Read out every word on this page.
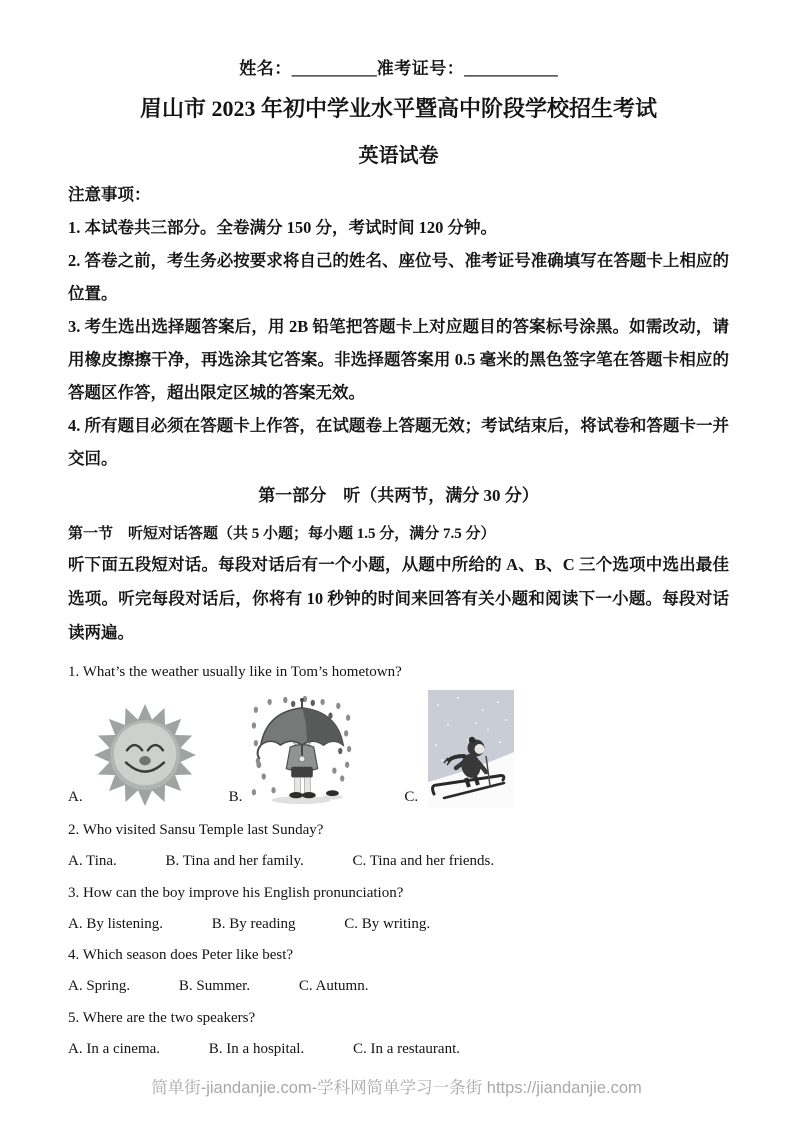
姓名：__________准考证号：___________
眉山市 2023 年初中学业水平暨高中阶段学校招生考试
英语试卷
注意事项：
1. 本试卷共三部分。全卷满分 150 分，考试时间 120 分钟。
2. 答卷之前，考生务必按要求将自己的姓名、座位号、准考证号准确填写在答题卡上相应的位置。
3. 考生选出选择题答案后，用 2B 铅笔把答题卡上对应题目的答案标号涂黑。如需改动，请用橡皮擦擦干净，再选涂其它答案。非选择题答案用 0.5 毫米的黑色签字笔在答题卡相应的答题区作答，超出限定区城的答案无效。
4. 所有题目必须在答题卡上作答，在试题卷上答题无效；考试结束后，将试卷和答题卡一并交回。
第一部分　听（共两节，满分 30 分）
第一节　听短对话答题（共 5 小题；每小题 1.5 分，满分 7.5 分）
听下面五段短对话。每段对话后有一个小题，从题中所给的 A、B、C 三个选项中选出最佳选项。听完每段对话后，你将有 10 秒钟的时间来回答有关小题和阅读下一小题。每段对话读两遍。
1. What’s the weather usually like in Tom’s hometown?
A.	B.	C.
2. Who visited Sansu Temple last Sunday?
A. Tina.	B. Tina and her family.	C. Tina and her friends.
3. How can the boy improve his English pronunciation?
A. By listening.	B. By reading	C. By writing.
4. Which season does Peter like best?
A. Spring.	B. Summer.	C. Autumn.
5. Where are the two speakers?
A. In a cinema.	B. In a hospital.	C. In a restaurant.
简单街-jiandanjie.com-学科网简单学习一条街 https://jiandanjie.com
